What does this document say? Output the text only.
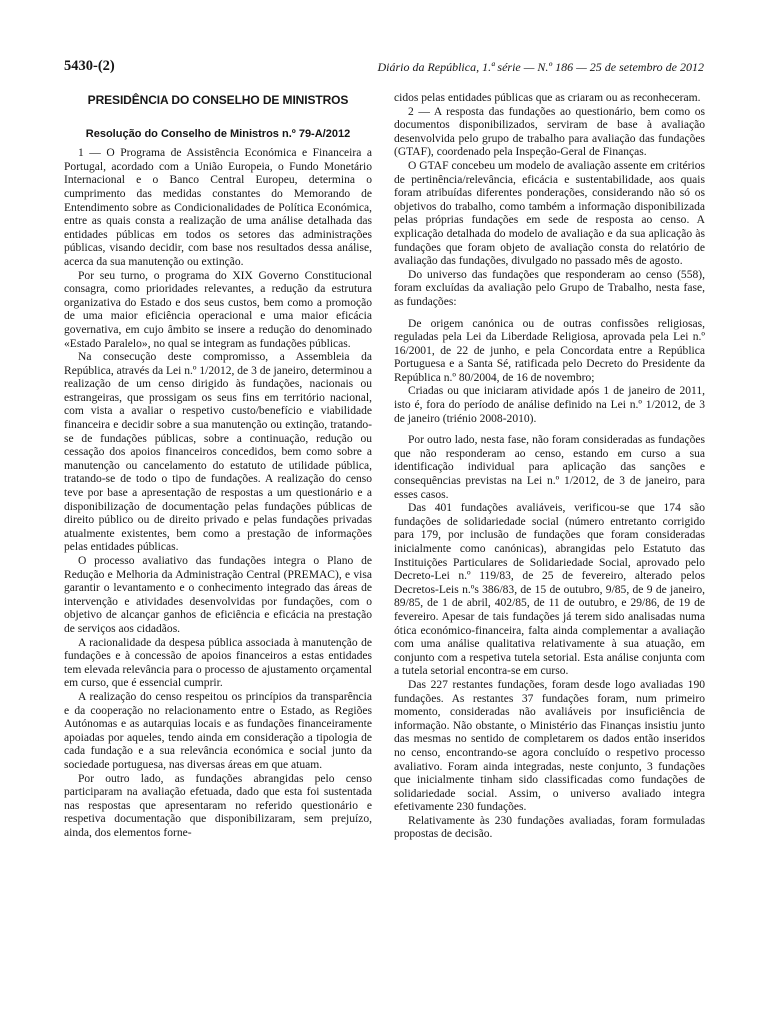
5430-(2)	Diário da República, 1.ª série — N.º 186 — 25 de setembro de 2012
PRESIDÊNCIA DO CONSELHO DE MINISTROS
Resolução do Conselho de Ministros n.º 79-A/2012

1 — O Programa de Assistência Económica e Financeira a Portugal, acordado com a União Europeia, o Fundo Monetário Internacional e o Banco Central Europeu, determina o cumprimento das medidas constantes do Memorando de Entendimento sobre as Condicionalidades de Política Económica, entre as quais consta a realização de uma análise detalhada das entidades públicas em todos os setores das administrações públicas, visando decidir, com base nos resultados dessa análise, acerca da sua manutenção ou extinção.

Por seu turno, o programa do XIX Governo Constitucional consagra, como prioridades relevantes, a redução da estrutura organizativa do Estado e dos seus custos, bem como a promoção de uma maior eficiência operacional e uma maior eficácia governativa, em cujo âmbito se insere a redução do denominado «Estado Paralelo», no qual se integram as fundações públicas.

Na consecução deste compromisso, a Assembleia da República, através da Lei n.º 1/2012, de 3 de janeiro, determinou a realização de um censo dirigido às fundações, nacionais ou estrangeiras, que prossigam os seus fins em território nacional, com vista a avaliar o respetivo custo/benefício e viabilidade financeira e decidir sobre a sua manutenção ou extinção, tratando-se de fundações públicas, sobre a continuação, redução ou cessação dos apoios financeiros concedidos, bem como sobre a manutenção ou cancelamento do estatuto de utilidade pública, tratando-se de todo o tipo de fundações. A realização do censo teve por base a apresentação de respostas a um questionário e a disponibilização de documentação pelas fundações públicas de direito público ou de direito privado e pelas fundações privadas atualmente existentes, bem como a prestação de informações pelas entidades públicas.

O processo avaliativo das fundações integra o Plano de Redução e Melhoria da Administração Central (PREMAC), e visa garantir o levantamento e o conhecimento integrado das áreas de intervenção e atividades desenvolvidas por fundações, com o objetivo de alcançar ganhos de eficiência e eficácia na prestação de serviços aos cidadãos.

A racionalidade da despesa pública associada à manutenção de fundações e à concessão de apoios financeiros a estas entidades tem elevada relevância para o processo de ajustamento orçamental em curso, que é essencial cumprir.

A realização do censo respeitou os princípios da transparência e da cooperação no relacionamento entre o Estado, as Regiões Autónomas e as autarquias locais e as fundações financeiramente apoiadas por aqueles, tendo ainda em consideração a tipologia de cada fundação e a sua relevância económica e social junto da sociedade portuguesa, nas diversas áreas em que atuam.

Por outro lado, as fundações abrangidas pelo censo participaram na avaliação efetuada, dado que esta foi sustentada nas respostas que apresentaram no referido questionário e respetiva documentação que disponibilizaram, sem prejuízo, ainda, dos elementos forne-

cidos pelas entidades públicas que as criaram ou as reconheceram.

2 — A resposta das fundações ao questionário, bem como os documentos disponibilizados, serviram de base à avaliação desenvolvida pelo grupo de trabalho para avaliação das fundações (GTAF), coordenado pela Inspeção-Geral de Finanças.

O GTAF concebeu um modelo de avaliação assente em critérios de pertinência/relevância, eficácia e sustentabilidade, aos quais foram atribuídas diferentes ponderações, considerando não só os objetivos do trabalho, como também a informação disponibilizada pelas próprias fundações em sede de resposta ao censo. A explicação detalhada do modelo de avaliação e da sua aplicação às fundações que foram objeto de avaliação consta do relatório de avaliação das fundações, divulgado no passado mês de agosto.

Do universo das fundações que responderam ao censo (558), foram excluídas da avaliação pelo Grupo de Trabalho, nesta fase, as fundações:

De origem canónica ou de outras confissões religiosas, reguladas pela Lei da Liberdade Religiosa, aprovada pela Lei n.º 16/2001, de 22 de junho, e pela Concordata entre a República Portuguesa e a Santa Sé, ratificada pelo Decreto do Presidente da República n.º 80/2004, de 16 de novembro;

Criadas ou que iniciaram atividade após 1 de janeiro de 2011, isto é, fora do período de análise definido na Lei n.º 1/2012, de 3 de janeiro (triénio 2008-2010).

Por outro lado, nesta fase, não foram consideradas as fundações que não responderam ao censo, estando em curso a sua identificação individual para aplicação das sanções e consequências previstas na Lei n.º 1/2012, de 3 de janeiro, para esses casos.

Das 401 fundações avaliáveis, verificou-se que 174 são fundações de solidariedade social (número entretanto corrigido para 179, por inclusão de fundações que foram consideradas inicialmente como canónicas), abrangidas pelo Estatuto das Instituições Particulares de Solidariedade Social, aprovado pelo Decreto-Lei n.º 119/83, de 25 de fevereiro, alterado pelos Decretos-Leis n.ºs 386/83, de 15 de outubro, 9/85, de 9 de janeiro, 89/85, de 1 de abril, 402/85, de 11 de outubro, e 29/86, de 19 de fevereiro. Apesar de tais fundações já terem sido analisadas numa ótica económico-financeira, falta ainda complementar a avaliação com uma análise qualitativa relativamente à sua atuação, em conjunto com a respetiva tutela setorial. Esta análise conjunta com a tutela setorial encontra-se em curso.

Das 227 restantes fundações, foram desde logo avaliadas 190 fundações. As restantes 37 fundações foram, num primeiro momento, consideradas não avaliáveis por insuficiência de informação. Não obstante, o Ministério das Finanças insistiu junto das mesmas no sentido de completarem os dados então inseridos no censo, encontrando-se agora concluído o respetivo processo avaliativo. Foram ainda integradas, neste conjunto, 3 fundações que inicialmente tinham sido classificadas como fundações de solidariedade social. Assim, o universo avaliado integra efetivamente 230 fundações.

Relativamente às 230 fundações avaliadas, foram formuladas propostas de decisão.
